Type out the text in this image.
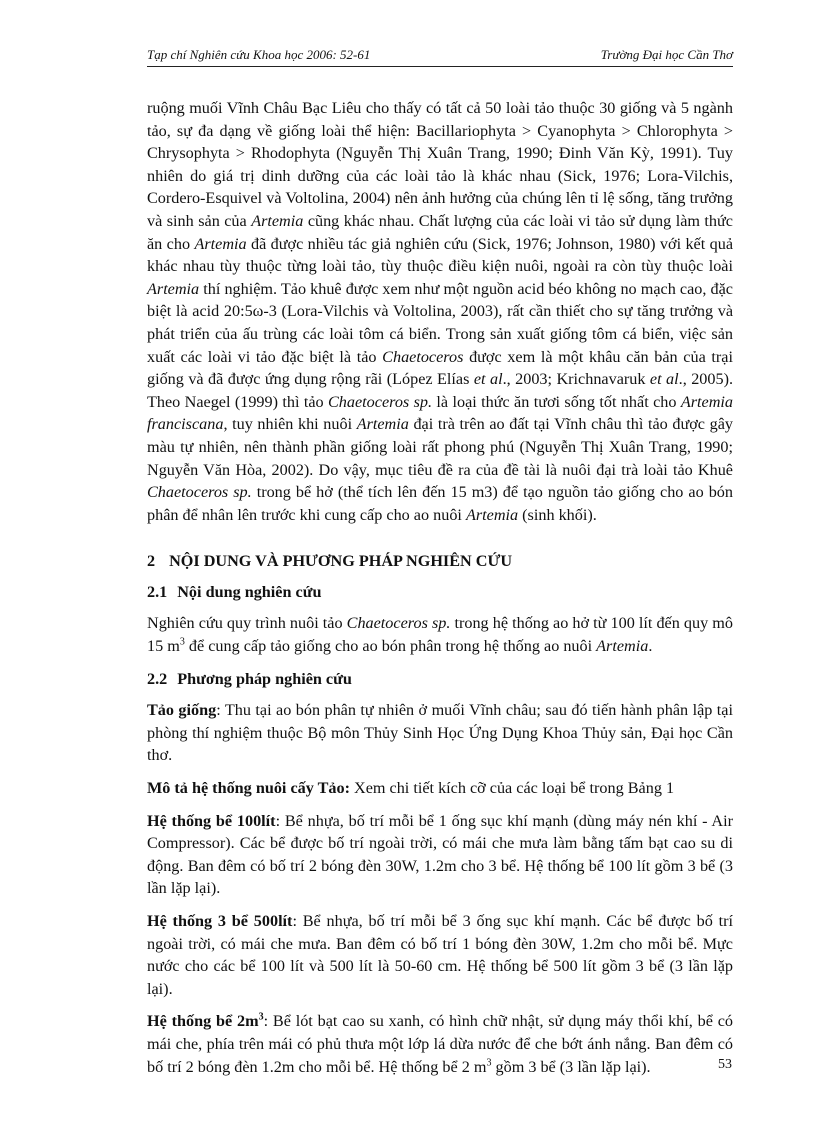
Tạp chí Nghiên cứu Khoa học 2006: 52-61	Trường Đại học Cần Thơ

ruộng muối Vĩnh Châu Bạc Liêu cho thấy có tất cả 50 loài tảo thuộc 30 giống và 5 ngành tảo, sự đa dạng về giống loài thể hiện: Bacillariophyta > Cyanophyta > Chlorophyta > Chrysophyta > Rhodophyta (Nguyễn Thị Xuân Trang, 1990; Đinh Văn Kỳ, 1991). Tuy nhiên do giá trị dinh dưỡng của các loài tảo là khác nhau (Sick, 1976; Lora-Vilchis, Cordero-Esquivel và Voltolina, 2004) nên ảnh hưởng của chúng lên tỉ lệ sống, tăng trưởng và sinh sản của Artemia cũng khác nhau. Chất lượng của các loài vi tảo sử dụng làm thức ăn cho Artemia đã được nhiều tác giả nghiên cứu (Sick, 1976; Johnson, 1980) với kết quả khác nhau tùy thuộc từng loài tảo, tùy thuộc điều kiện nuôi, ngoài ra còn tùy thuộc loài Artemia thí nghiệm. Tảo khuê được xem như một nguồn acid béo không no mạch cao, đặc biệt là acid 20:5ω-3 (Lora-Vilchis và Voltolina, 2003), rất cần thiết cho sự tăng trưởng và phát triển của ấu trùng các loài tôm cá biển. Trong sản xuất giống tôm cá biển, việc sản xuất các loài vi tảo đặc biệt là tảo Chaetoceros được xem là một khâu căn bản của trại giống và đã được ứng dụng rộng rãi (López Elías et al., 2003; Krichnavaruk et al., 2005). Theo Naegel (1999) thì tảo Chaetoceros sp. là loại thức ăn tươi sống tốt nhất cho Artemia franciscana, tuy nhiên khi nuôi Artemia đại trà trên ao đất tại Vĩnh châu thì tảo được gây màu tự nhiên, nên thành phần giống loài rất phong phú (Nguyễn Thị Xuân Trang, 1990; Nguyễn Văn Hòa, 2002). Do vậy, mục tiêu đề ra của đề tài là nuôi đại trà loài tảo Khuê Chaetoceros sp. trong bể hở (thể tích lên đến 15 m3) để tạo nguồn tảo giống cho ao bón phân để nhân lên trước khi cung cấp cho ao nuôi Artemia (sinh khối).

2 NỘI DUNG VÀ PHƯƠNG PHÁP NGHIÊN CỨU

2.1 Nội dung nghiên cứu

Nghiên cứu quy trình nuôi tảo Chaetoceros sp. trong hệ thống ao hở từ 100 lít đến quy mô 15 $m^3$ để cung cấp tảo giống cho ao bón phân trong hệ thống ao nuôi Artemia.

2.2 Phương pháp nghiên cứu

Tảo giống: Thu tại ao bón phân tự nhiên ở muối Vĩnh châu; sau đó tiến hành phân lập tại phòng thí nghiệm thuộc Bộ môn Thủy Sinh Học Ứng Dụng Khoa Thủy sản, Đại học Cần thơ.

Mô tả hệ thống nuôi cấy Tảo: Xem chi tiết kích cỡ của các loại bể trong Bảng 1

Hệ thống bể 100lít: Bể nhựa, bố trí mỗi bể 1 ống sục khí mạnh (dùng máy nén khí - Air Compressor). Các bể được bố trí ngoài trời, có mái che mưa làm bằng tấm bạt cao su di động. Ban đêm có bố trí 2 bóng đèn 30W, 1.2m cho 3 bể. Hệ thống bể 100 lít gồm 3 bể (3 lần lặp lại).

Hệ thống 3 bể 500lít: Bể nhựa, bố trí mỗi bể 3 ống sục khí mạnh. Các bể được bố trí ngoài trời, có mái che mưa. Ban đêm có bố trí 1 bóng đèn 30W, 1.2m cho mỗi bể. Mực nước cho các bể 100 lít và 500 lít là 50-60 cm. Hệ thống bể 500 lít gồm 3 bể (3 lần lặp lại).

Hệ thống bể $2m^3$: Bể lót bạt cao su xanh, có hình chữ nhật, sử dụng máy thổi khí, bể có mái che, phía trên mái có phủ thưa một lớp lá dừa nước để che bớt ánh nắng. Ban đêm có bố trí 2 bóng đèn 1.2m cho mỗi bể. Hệ thống bể 2 $m^3$ gồm 3 bể (3 lần lặp lại).	53
